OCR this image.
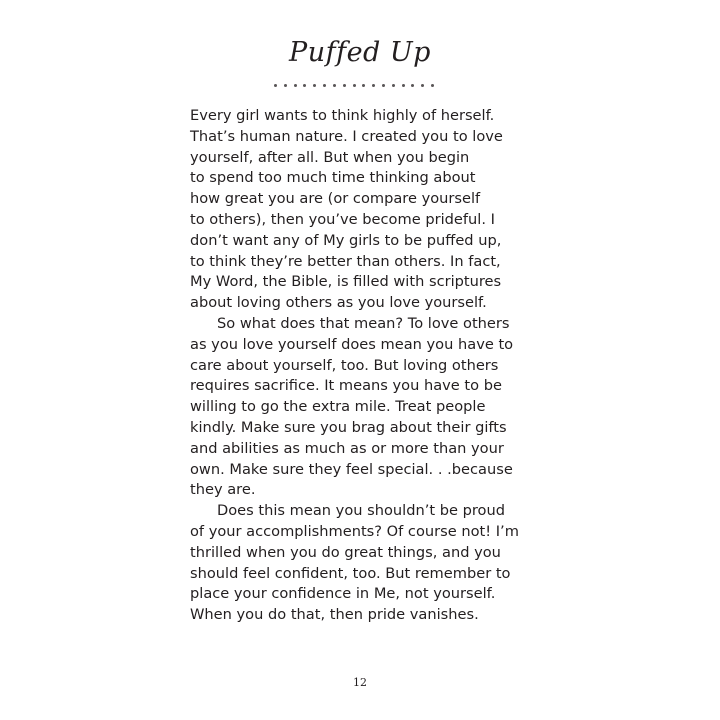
Puffed Up
Every girl wants to think highly of herself.
That’s human nature. I created you to love
yourself, after all. But when you begin
to spend too much time thinking about
how great you are (or compare yourself
to others), then you’ve become prideful. I
don’t want any of My girls to be puffed up,
to think they’re better than others. In fact,
My Word, the Bible, is filled with scriptures
about loving others as you love yourself.
So what does that mean? To love others
as you love yourself does mean you have to
care about yourself, too. But loving others
requires sacrifice. It means you have to be
willing to go the extra mile. Treat people
kindly. Make sure you brag about their gifts
and abilities as much as or more than your
own. Make sure they feel special. . .because
they are.
Does this mean you shouldn’t be proud
of your accomplishments? Of course not! I’m
thrilled when you do great things, and you
should feel confident, too. But remember to
place your confidence in Me, not yourself.
When you do that, then pride vanishes.
12
